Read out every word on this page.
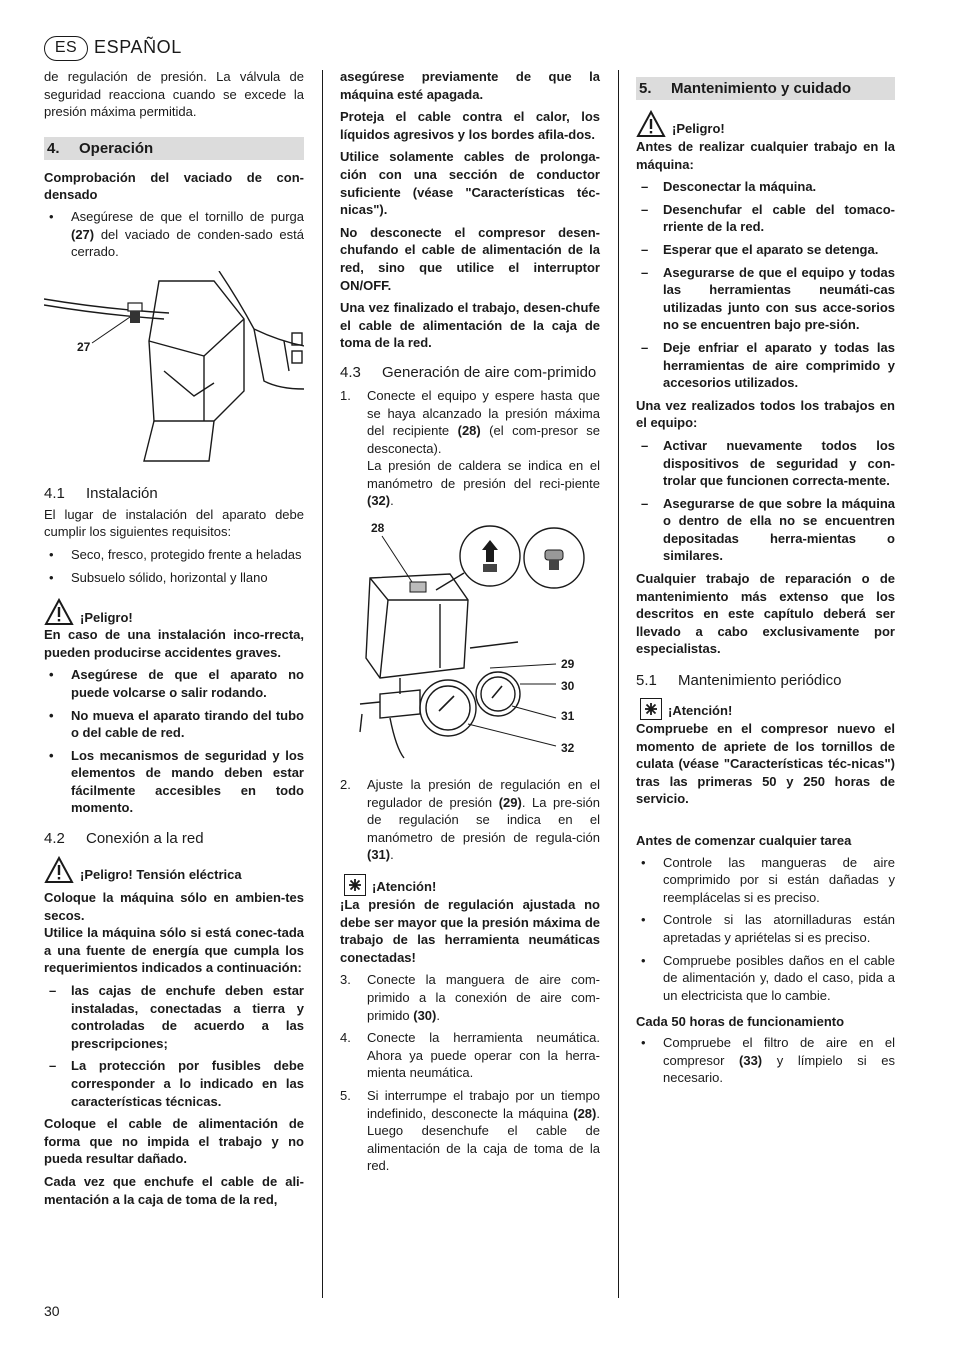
ES ESPAÑOL

de regulación de presión. La válvula de seguridad reacciona cuando se excede la presión máxima permitida.

4.	Operación

Comprobación del vaciado de con-densado

•	Asegúrese de que el tornillo de purga (27) del vaciado de conden-sado está cerrado.
27
4.1	Instalación

El lugar de instalación del aparato debe cumplir los siguientes requisitos:

•	Seco, fresco, protegido frente a heladas
•	Subsuelo sólido, horizontal y llano
¡Peligro!

En caso de una instalación inco-rrecta, pueden producirse accidentes graves.

•	Asegúrese de que el aparato no puede volcarse o salir rodando.
•	No mueva el aparato tirando del tubo o del cable de red.
•	Los mecanismos de seguridad y los elementos de mando deben estar fácilmente accesibles en todo momento.
4.2	Conexión a la red
¡Peligro! Tensión eléctrica

Coloque la máquina sólo en ambien-tes secos.

Utilice la máquina sólo si está conec-tada a una fuente de energía que cumpla los requerimientos indicados a continuación:

–	las cajas de enchufe deben estar instaladas, conectadas a tierra y controladas de acuerdo a las prescripciones;
–	La protección por fusibles debe corresponder a lo indicado en las características técnicas.

Coloque el cable de alimentación de forma que no impida el trabajo y no pueda resultar dañado.

Cada vez que enchufe el cable de ali-mentación a la caja de toma de la red,

asegúrese previamente de que la máquina esté apagada.

Proteja el cable contra el calor, los líquidos agresivos y los bordes afila-dos.

Utilice solamente cables de prolonga-ción con una sección de conductor suficiente (véase "Características téc-nicas").

No desconecte el compresor desen-chufando el cable de alimentación de la red, sino que utilice el interruptor ON/OFF.

Una vez finalizado el trabajo, desen-chufe el cable de alimentación de la caja de toma de la red.

4.3	Generación de aire com-primido
1.	Conecte el equipo y espere hasta que se haya alcanzado la presión máxima del recipiente (28) (el com-presor se desconecta).
La presión de caldera se indica en el manómetro de presión del reci-piente (32).
28
29
30
31
32
2.	Ajuste la presión de regulación en el regulador de presión (29). La pre-sión de regulación se indica en el manómetro de presión de regula-ción (31).
¡Atención!

¡La presión de regulación ajustada no debe ser mayor que la presión máxima de trabajo de las herramienta neumáticas conectadas!

3.	Conecte la manguera de aire com-primido a la conexión de aire com-primido (30).
4.	Conecte la herramienta neumática. Ahora ya puede operar con la herra-mienta neumática.
5.	Si interrumpe el trabajo por un tiempo indefinido, desconecte la máquina (28). Luego desenchufe el cable de alimentación de la caja de toma de la red.
5.	Mantenimiento y cuidado
¡Peligro!

Antes de realizar cualquier trabajo en la máquina:

–	Desconectar la máquina.
–	Desenchufar el cable del tomaco-rriente de la red.
–	Esperar que el aparato se detenga.
–	Asegurarse de que el equipo y todas las herramientas neumáti-cas utilizadas junto con sus acce-sorios no se encuentren bajo pre-sión.
–	Deje enfriar el aparato y todas las herramientas de aire comprimido y accesorios utilizados.

Una vez realizados todos los trabajos en el equipo:

–	Activar nuevamente todos los dispositivos de seguridad y con-trolar que funcionen correcta-mente.
–	Asegurarse de que sobre la máquina o dentro de ella no se encuentren depositadas herra-mientas o similares.

Cualquier trabajo de reparación o de mantenimiento más extenso que los descritos en este capítulo deberá ser llevado a cabo exclusivamente por especialistas.

5.1	Mantenimiento periódico
¡Atención!

Compruebe en el compresor nuevo el momento de apriete de los tornillos de culata (véase "Características téc-nicas") tras las primeras 50 y 250 horas de servicio.

Antes de comenzar cualquier tarea

•	Controle las mangueras de aire comprimido por si están dañadas y reemplácelas si es preciso.
•	Controle si las atornilladuras están apretadas y apriételas si es preciso.
•	Compruebe posibles daños en el cable de alimentación y, dado el caso, pida a un electricista que lo cambie.

Cada 50 horas de funcionamiento

•	Compruebe el filtro de aire en el compresor (33) y límpielo si es necesario.
30
